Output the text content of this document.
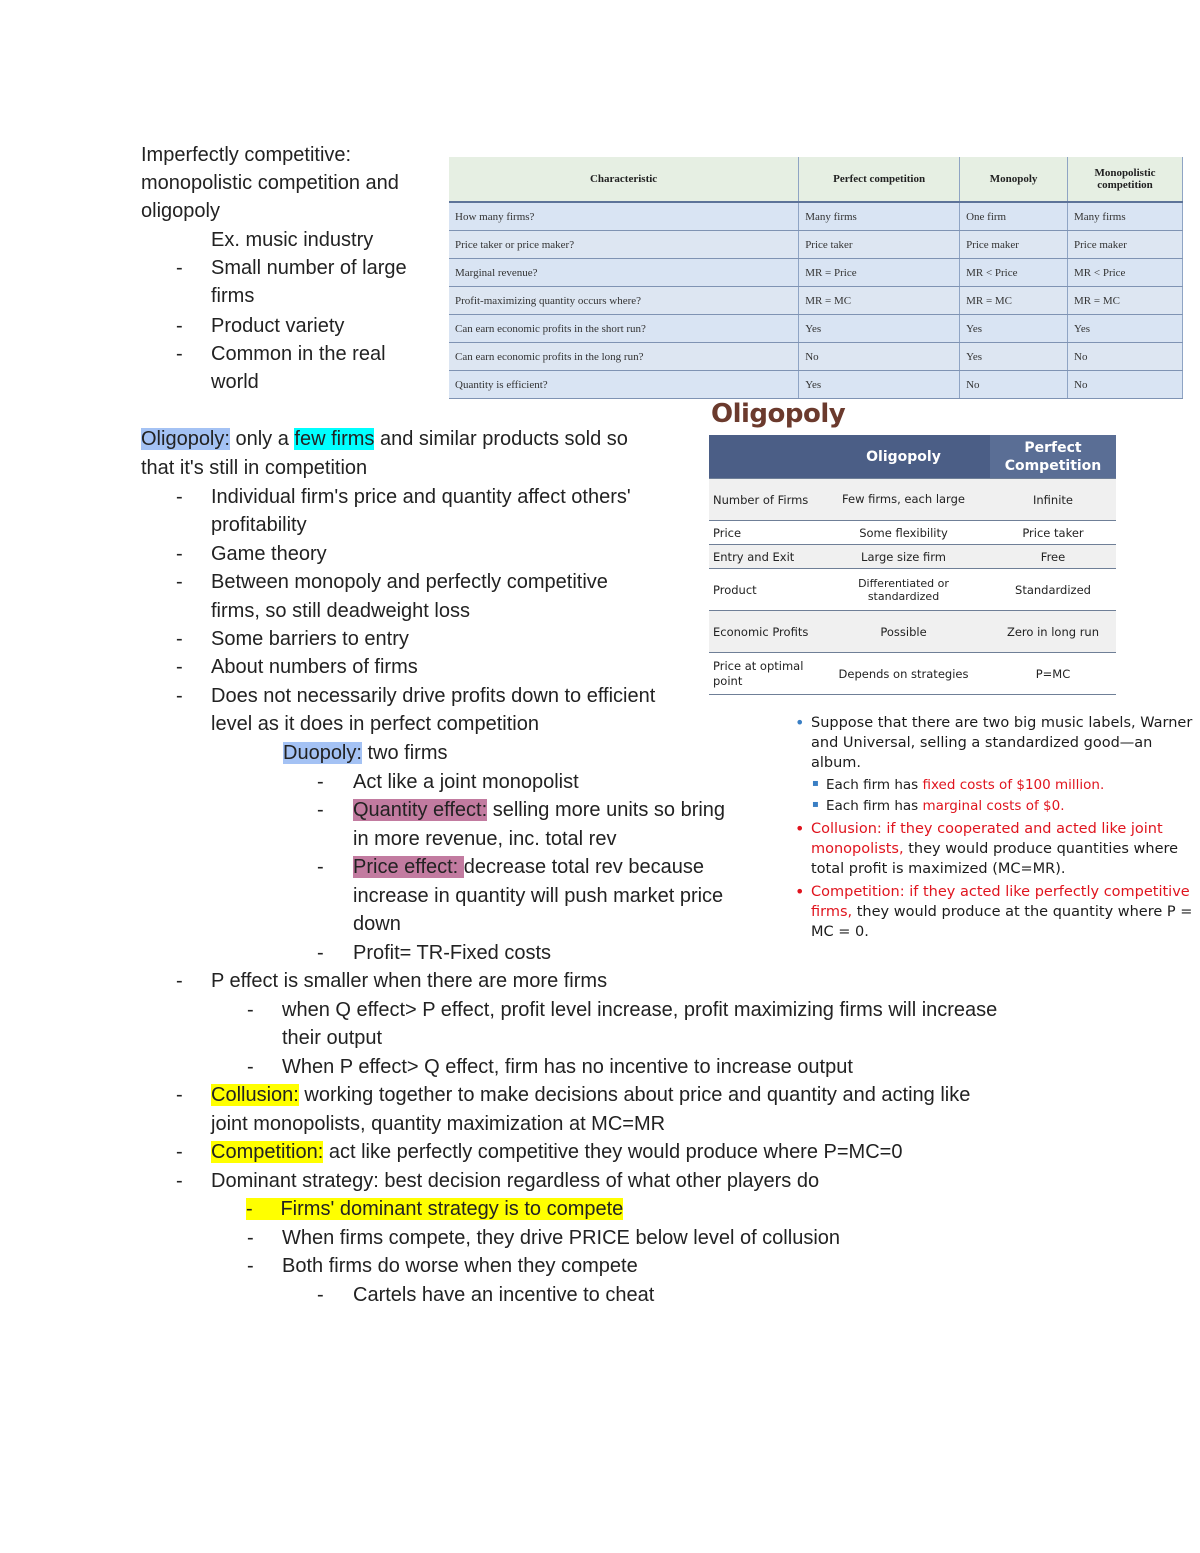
Imperfectly competitive:
monopolistic competition and
oligopoly
Ex. music industry
- Small number of large
firms
- Product variety
- Common in the real
world
Oligopoly: only a few firms and similar products sold so
that it's still in competition
- Individual firm's price and quantity affect others'
profitability
- Game theory
- Between monopoly and perfectly competitive
firms, so still deadweight loss
- Some barriers to entry
- About numbers of firms
- Does not necessarily drive profits down to efficient
level as it does in perfect competition
Duopoly: two firms
- Act like a joint monopolist
- Quantity effect: selling more units so bring
in more revenue, inc. total rev
- Price effect: decrease total rev because
increase in quantity will push market price
down
- Profit= TR-Fixed costs
- P effect is smaller when there are more firms
- when Q effect> P effect, profit level increase, profit maximizing firms will increase
their output
- When P effect> Q effect, firm has no incentive to increase output
- Collusion: working together to make decisions about price and quantity and acting like
joint monopolists, quantity maximization at MC=MR
- Competition: act like perfectly competitive they would produce where P=MC=0
- Dominant strategy: best decision regardless of what other players do
- Firms' dominant strategy is to compete
- When firms compete, they drive PRICE below level of collusion
- Both firms do worse when they compete
- Cartels have an incentive to cheat
Characteristic	Perfect competition	Monopoly	Monopolistic competition
How many firms?	Many firms	One firm	Many firms
Price taker or price maker?	Price taker	Price maker	Price maker
Marginal revenue?	MR = Price	MR < Price	MR < Price
Profit-maximizing quantity occurs where?	MR = MC	MR = MC	MR = MC
Can earn economic profits in the short run?	Yes	Yes	Yes
Can earn economic profits in the long run?	No	Yes	No
Quantity is efficient?	Yes	No	No
Oligopoly
	Oligopoly	Perfect Competition
Number of Firms	Few firms, each large	Infinite
Price	Some flexibility	Price taker
Entry and Exit	Large size firm	Free
Product	Differentiated or standardized	Standardized
Economic Profits	Possible	Zero in long run
Price at optimal point	Depends on strategies	P=MC
• Suppose that there are two big music labels, Warner and Universal, selling a standardized good—an album.
▪ Each firm has fixed costs of $100 million.
▪ Each firm has marginal costs of $0.
• Collusion: if they cooperated and acted like joint monopolists, they would produce quantities where total profit is maximized (MC=MR).
• Competition: if they acted like perfectly competitive firms, they would produce at the quantity where P = MC = 0.
